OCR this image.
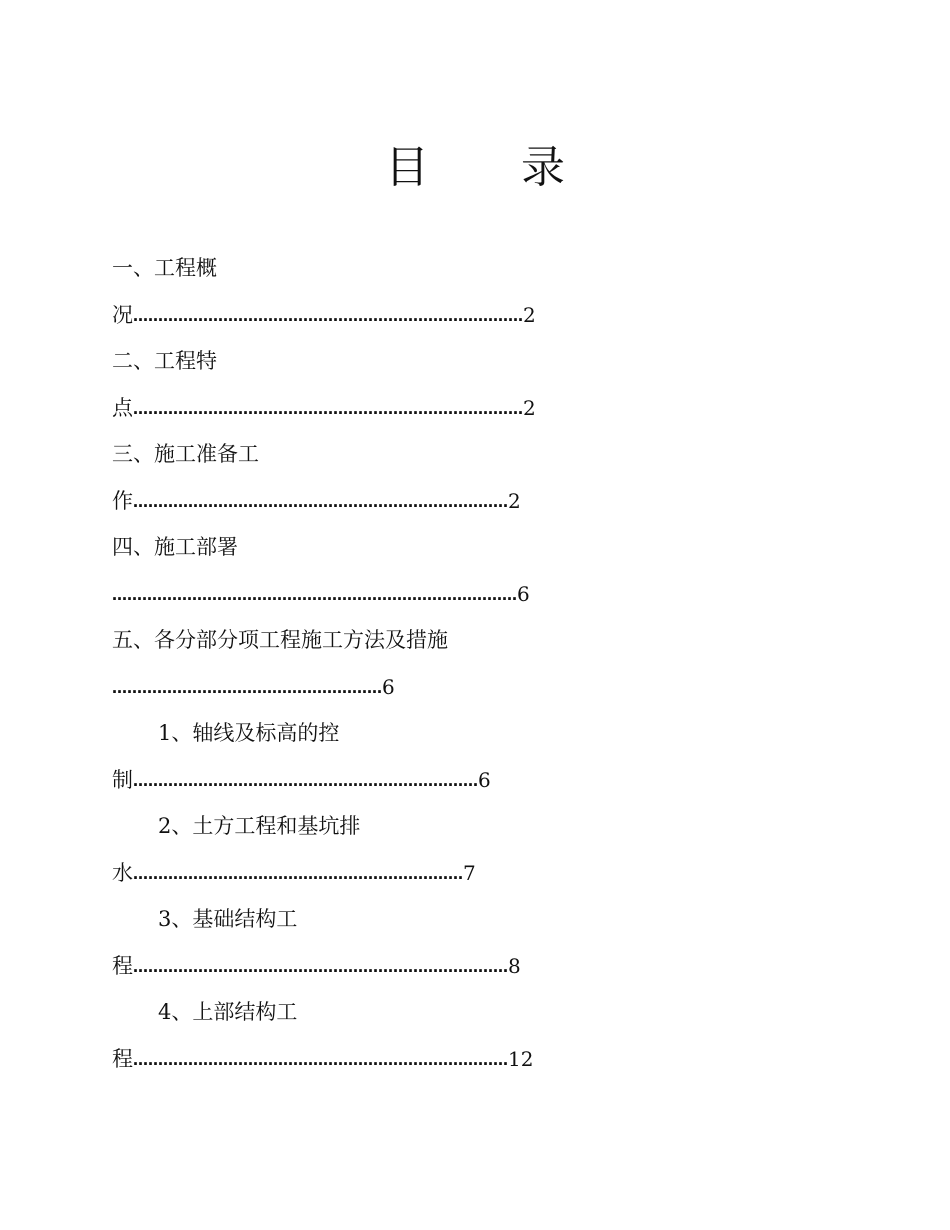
目 录
一、工程概
况……………………………………………………………………2
二、工程特
点……………………………………………………………………2
三、施工准备工
作…………………………………………………………………2
四、施工部署
………………………………………………………………………6
五、各分部分项工程施工方法及措施
………………………………………………6
1、轴线及标高的控
制……………………………………………………………6
2、土方工程和基坑排
水…………………………………………………………7
3、基础结构工
程…………………………………………………………………8
4、上部结构工
程…………………………………………………………………12
